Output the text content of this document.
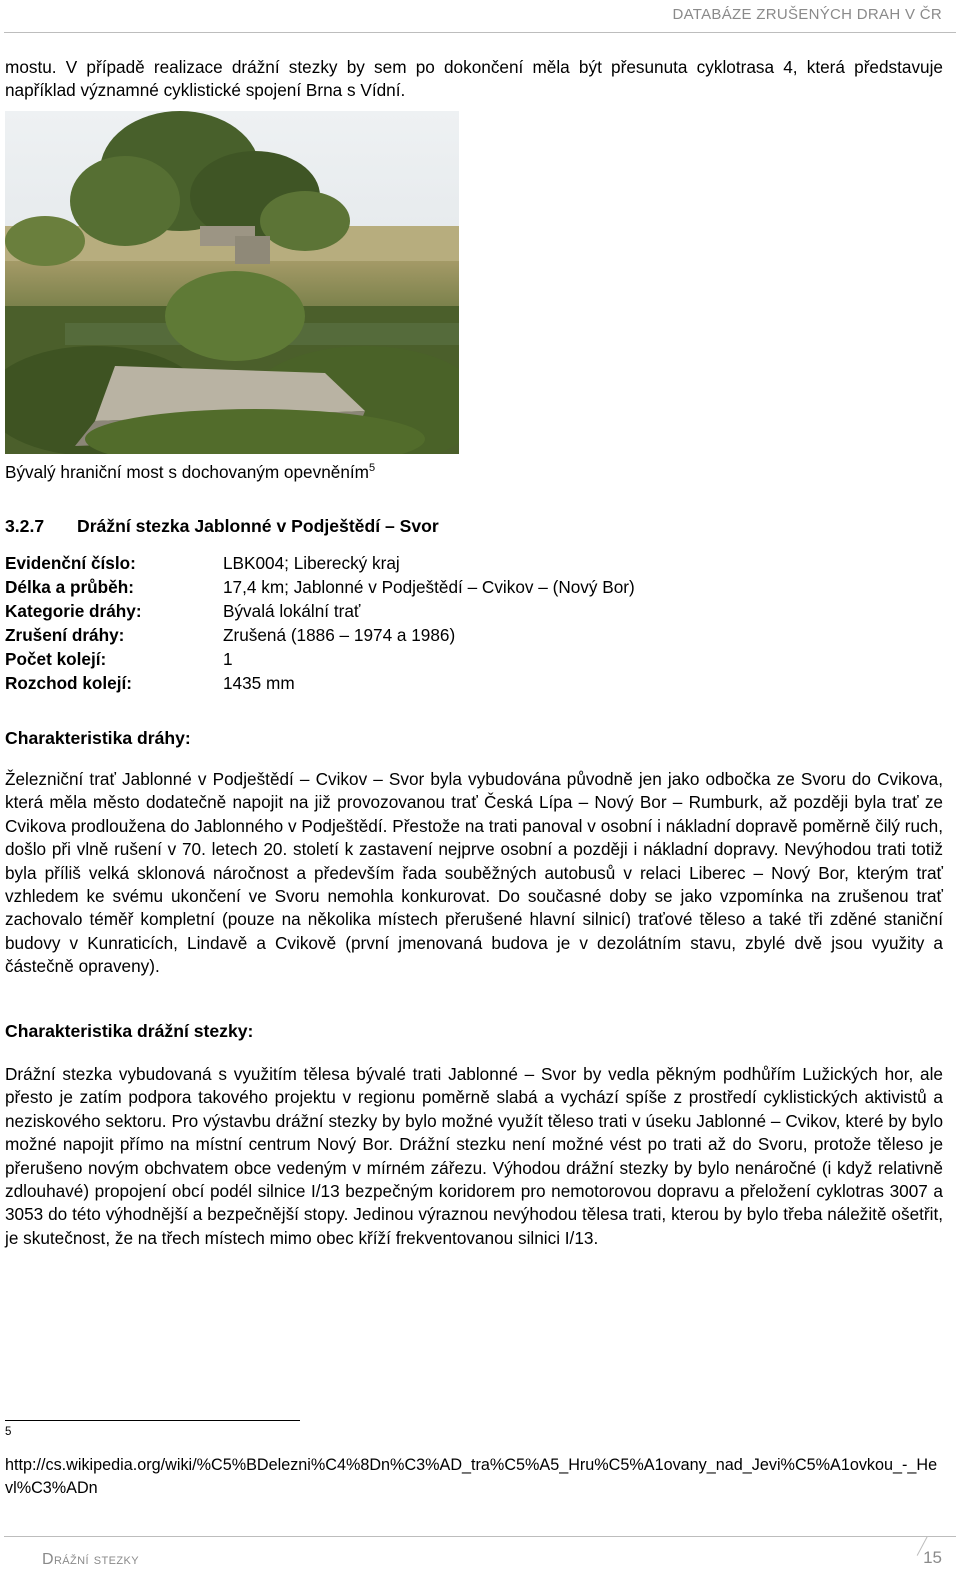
DATABÁZE ZRUŠENÝCH DRAH V ČR

mostu. V případě realizace drážní stezky by sem po dokončení měla být přesunuta cyklotrasa 4, která představuje například významné cyklistické spojení Brna s Vídní.

Bývalý hraniční most s dochovaným opevněním$^5$
3.2.7 Drážní stezka Jablonné v Podještědí – Svor
Evidenční číslo:	LBK004; Liberecký kraj
Délka a průběh:	17,4 km; Jablonné v Podještědí – Cvikov – (Nový Bor)
Kategorie dráhy:	Bývalá lokální trať
Zrušení dráhy:	Zrušená (1886 – 1974 a 1986)
Počet kolejí:	1
Rozchod kolejí:	1435 mm
Charakteristika dráhy:

Železniční trať Jablonné v Podještědí – Cvikov – Svor byla vybudována původně jen jako odbočka ze Svoru do Cvikova, která měla město dodatečně napojit na již provozovanou trať Česká Lípa – Nový Bor – Rumburk, až později byla trať ze Cvikova prodloužena do Jablonného v Podještědí. Přestože na trati panoval v osobní i nákladní dopravě poměrně čilý ruch, došlo při vlně rušení v 70. letech 20. století k zastavení nejprve osobní a později i nákladní dopravy. Nevýhodou trati totiž byla příliš velká sklonová náročnost a především řada souběžných autobusů v relaci Liberec – Nový Bor, kterým trať vzhledem ke svému ukončení ve Svoru nemohla konkurovat. Do současné doby se jako vzpomínka na zrušenou trať zachovalo téměř kompletní (pouze na několika místech přerušené hlavní silnicí) traťové těleso a také tři zděné staniční budovy v Kunraticích, Lindavě a Cvikově (první jmenovaná budova je v dezolátním stavu, zbylé dvě jsou využity a částečně opraveny).

Charakteristika drážní stezky:

Drážní stezka vybudovaná s využitím tělesa bývalé trati Jablonné – Svor by vedla pěkným podhůřím Lužických hor, ale přesto je zatím podpora takového projektu v regionu poměrně slabá a vychází spíše z prostředí cyklistických aktivistů a neziskového sektoru. Pro výstavbu drážní stezky by bylo možné využít těleso trati v úseku Jablonné – Cvikov, které by bylo možné napojit přímo na místní centrum Nový Bor. Drážní stezku není možné vést po trati až do Svoru, protože těleso je přerušeno novým obchvatem obce vedeným v mírném zářezu. Výhodou drážní stezky by bylo nenáročné (i když relativně zdlouhavé) propojení obcí podél silnice I/13 bezpečným koridorem pro nemotorovou dopravu a přeložení cyklotras 3007 a 3053 do této výhodnější a bezpečnější stopy. Jedinou výraznou nevýhodou tělesa trati, kterou by bylo třeba náležitě ošetřit, je skutečnost, že na třech místech mimo obec kříží frekventovanou silnici I/13.

5

http://cs.wikipedia.org/wiki/%C5%BDelezni%C4%8Dn%C3%AD_tra%C5%A5_Hru%C5%A1ovany_nad_Jevi%C5%A1ovkou_-_Hevl%C3%ADn

Drážní stezky	15
